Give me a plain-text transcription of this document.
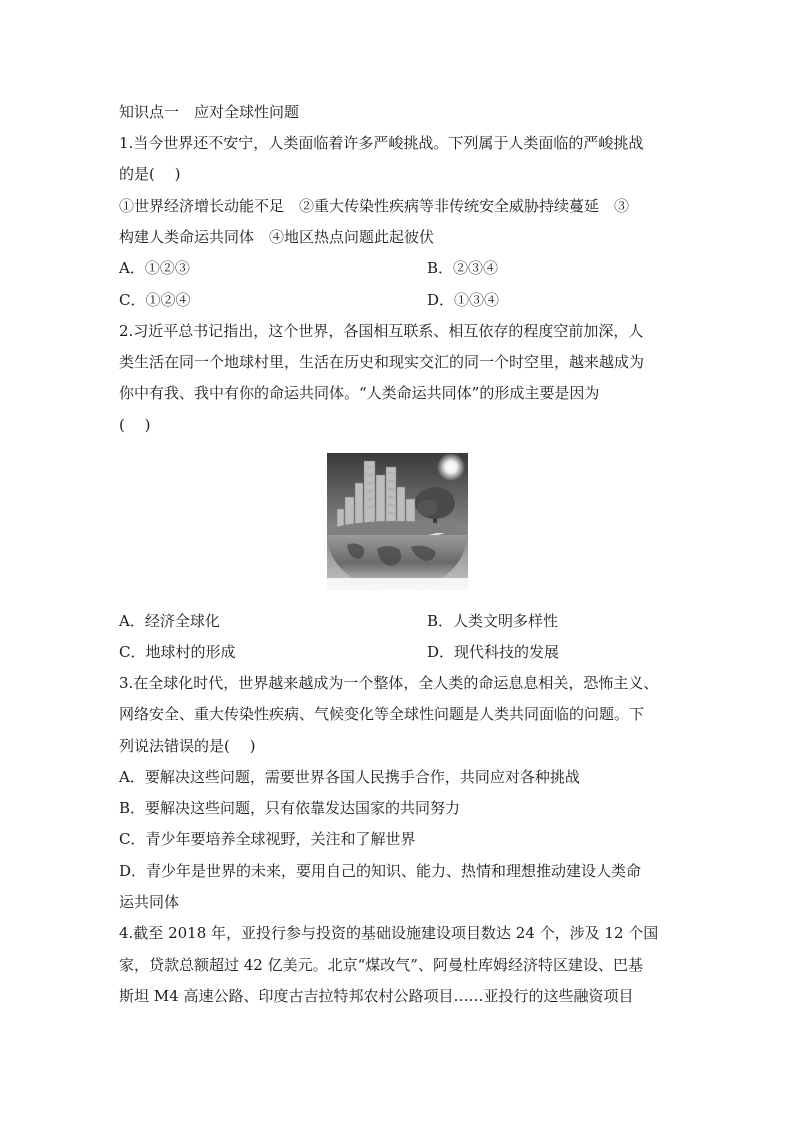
知识点一　应对全球性问题
1.当今世界还不安宁，人类面临着许多严峻挑战。下列属于人类面临的严峻挑战
的是(　 )
①世界经济增长动能不足　②重大传染性疾病等非传统安全威胁持续蔓延　③
构建人类命运共同体　④地区热点问题此起彼伏
A．①②③	B．②③④
C．①②④	D．①③④
2.习近平总书记指出，这个世界，各国相互联系、相互依存的程度空前加深，人
类生活在同一个地球村里，生活在历史和现实交汇的同一个时空里，越来越成为
你中有我、我中有你的命运共同体。“人类命运共同体”的形成主要是因为
(　 )
A．经济全球化	B．人类文明多样性
C．地球村的形成	D．现代科技的发展
3.在全球化时代，世界越来越成为一个整体，全人类的命运息息相关，恐怖主义、
网络安全、重大传染性疾病、气候变化等全球性问题是人类共同面临的问题。下
列说法错误的是(　 )
A．要解决这些问题，需要世界各国人民携手合作，共同应对各种挑战
B．要解决这些问题，只有依靠发达国家的共同努力
C．青少年要培养全球视野，关注和了解世界
D．青少年是世界的未来，要用自己的知识、能力、热情和理想推动建设人类命
运共同体
4.截至 2018 年，亚投行参与投资的基础设施建设项目数达 24 个，涉及 12 个国
家，贷款总额超过 42 亿美元。北京“煤改气”、阿曼杜库姆经济特区建设、巴基
斯坦 M4 高速公路、印度古吉拉特邦农村公路项目……亚投行的这些融资项目
